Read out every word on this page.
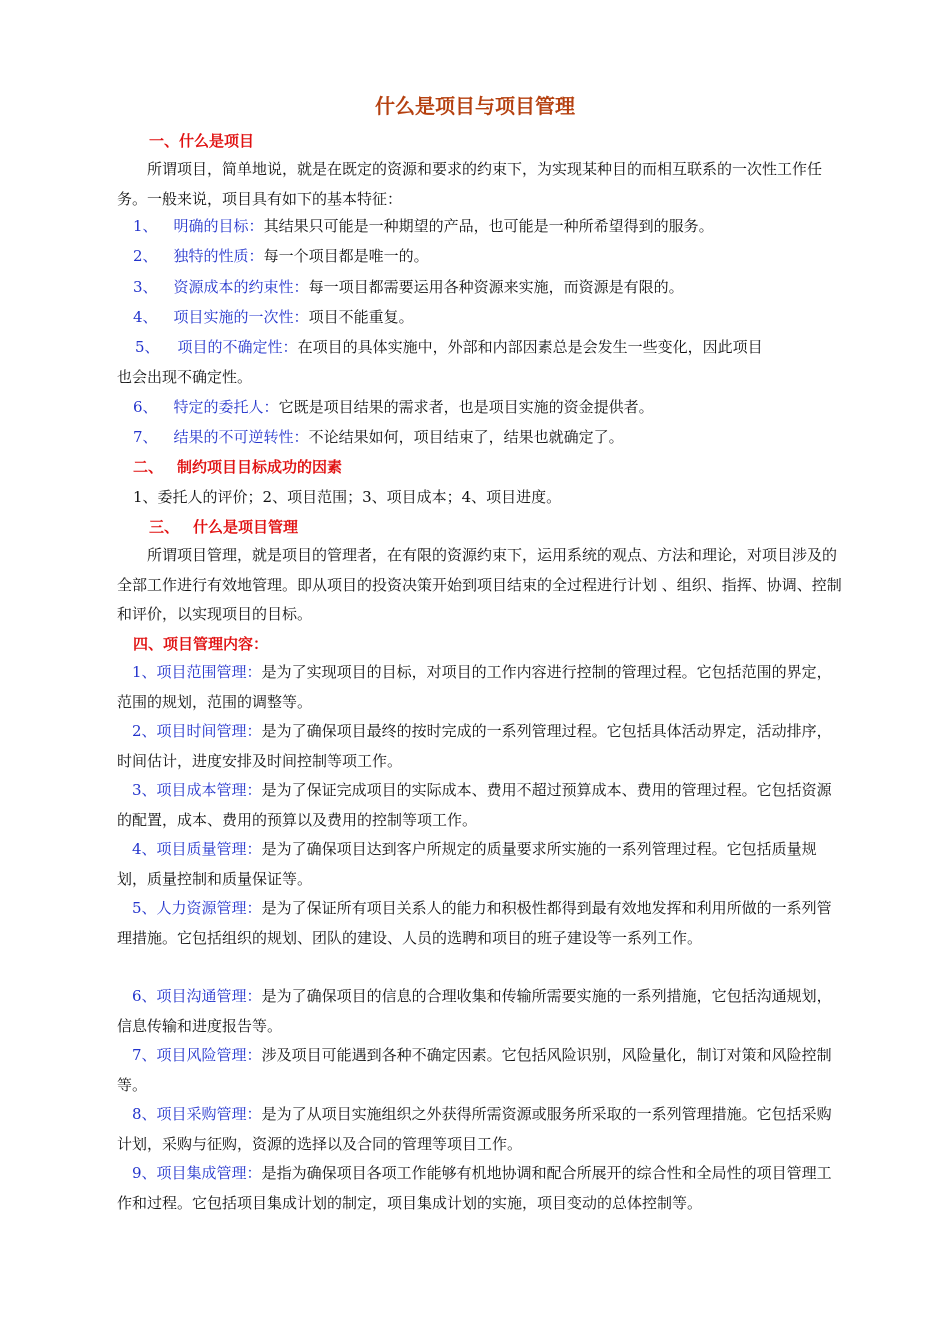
什么是项目与项目管理
一、什么是项目
所谓项目，简单地说，就是在既定的资源和要求的约束下，为实现某种目的而相互联系的一次性工作任务。一般来说，项目具有如下的基本特征：
1、 明确的目标：其结果只可能是一种期望的产品，也可能是一种所希望得到的服务。
2、 独特的性质：每一个项目都是唯一的。
3、 资源成本的约束性：每一项目都需要运用各种资源来实施，而资源是有限的。
4、 项目实施的一次性：项目不能重复。
5、 项目的不确定性：在项目的具体实施中，外部和内部因素总是会发生一些变化，因此项目
也会出现不确定性。
6、 特定的委托人：它既是项目结果的需求者，也是项目实施的资金提供者。
7、 结果的不可逆转性：不论结果如何，项目结束了，结果也就确定了。
二、 制约项目目标成功的因素
1、委托人的评价；2、项目范围；3、项目成本；4、项目进度。
三、 什么是项目管理
所谓项目管理，就是项目的管理者，在有限的资源约束下，运用系统的观点、方法和理论，对项目涉及的全部工作进行有效地管理。即从项目的投资决策开始到项目结束的全过程进行计划 、组织、指挥、协调、控制和评价，以实现项目的目标。
四、项目管理内容：
1、项目范围管理：是为了实现项目的目标，对项目的工作内容进行控制的管理过程。它包括范围的界定，范围的规划，范围的调整等。
2、项目时间管理：是为了确保项目最终的按时完成的一系列管理过程。它包括具体活动界定，活动排序，时间估计，进度安排及时间控制等项工作。
3、项目成本管理：是为了保证完成项目的实际成本、费用不超过预算成本、费用的管理过程。它包括资源的配置，成本、费用的预算以及费用的控制等项工作。
4、项目质量管理：是为了确保项目达到客户所规定的质量要求所实施的一系列管理过程。它包括质量规划，质量控制和质量保证等。
5、人力资源管理：是为了保证所有项目关系人的能力和积极性都得到最有效地发挥和利用所做的一系列管理措施。它包括组织的规划、团队的建设、人员的选聘和项目的班子建设等一系列工作。
6、项目沟通管理：是为了确保项目的信息的合理收集和传输所需要实施的一系列措施，它包括沟通规划，信息传输和进度报告等。
7、项目风险管理：涉及项目可能遇到各种不确定因素。它包括风险识别，风险量化，制订对策和风险控制等。
8、项目采购管理：是为了从项目实施组织之外获得所需资源或服务所采取的一系列管理措施。它包括采购计划，采购与征购，资源的选择以及合同的管理等项目工作。
9、项目集成管理：是指为确保项目各项工作能够有机地协调和配合所展开的综合性和全局性的项目管理工作和过程。它包括项目集成计划的制定，项目集成计划的实施，项目变动的总体控制等。
